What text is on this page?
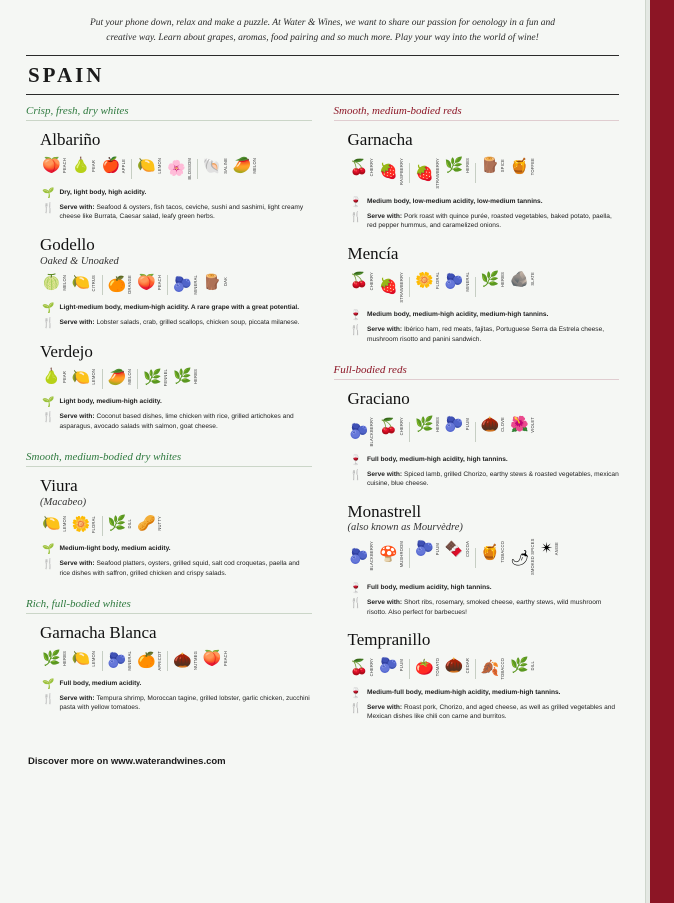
Put your phone down, relax and make a puzzle. At Water & Wines, we want to share our passion for oenology in a fun and creative way. Learn about grapes, aromas, food pairing and so much more. Play your way into the world of wine!
SPAIN
Crisp, fresh, dry whites
Albariño
🍑 PEACH 🍐 PEAR 🍎 APPLE 🍋 LEMON 🌸 BLOSSOM 🐚 SALINE 🥭 MELON
🌱 Dry, light body, high acidity.
🍴 Serve with: Seafood & oysters, fish tacos, ceviche, sushi and sashimi, light creamy cheese like Burrata, Caesar salad, leafy green herbs.
Godello
Oaked & Unoaked
🍈 MELON 🍋 CITRUS 🍊 ORANGE 🍑 PEACH 🫐 MINERAL 🪵 OAK
🌱 Light-medium body, medium-high acidity. A rare grape with a great potential.
🍴 Serve with: Lobster salads, crab, grilled scallops, chicken soup, piccata milanese.
Verdejo
🍐 PEAR 🍋 LEMON 🥭 MELON 🌿 FENNEL 🌿 HERBS
🌱 Light body, medium-high acidity.
🍴 Serve with: Coconut based dishes, lime chicken with rice, grilled artichokes and asparagus, avocado salads with salmon, goat cheese.
Smooth, medium-bodied dry whites
Viura
(Macabeo)
🍋 LEMON 🌼 FLORAL 🌿 DILL 🥜 NUTTY
🌱 Medium-light body, medium acidity.
🍴 Serve with: Seafood platters, oysters, grilled squid, salt cod croquetas, paella and rice dishes with saffron, grilled chicken and crispy salads.
Rich, full-bodied whites
Garnacha Blanca
🌿 HERBS 🍋 LEMON 🫐 MINERAL 🍊 APRICOT 🌰 NUTMEG 🍑 PEACH
🌱 Full body, medium acidity.
🍴 Serve with: Tempura shrimp, Moroccan tagine, grilled lobster, garlic chicken, zucchini pasta with yellow tomatoes.
Smooth, medium-bodied reds
Garnacha
🍒 CHERRY 🍓 RASPBERRY 🍓 STRAWBERRY 🌿 HERBS 🪵 SPICE 🍯 TOFFEE
🍷 Medium body, low-medium acidity, low-medium tannins.
🍴 Serve with: Pork roast with quince purée, roasted vegetables, baked potato, paella, red pepper hummus, and caramelized onions.
Mencía
🍒 CHERRY 🍓 STRAWBERRY 🌼 FLORAL 🫐 MINERAL 🌿 HERBS 🪨 SLATE
🍷 Medium body, medium-high acidity, medium-high tannins.
🍴 Serve with: Ibérico ham, red meats, fajitas, Portuguese Serra da Estrela cheese, mushroom risotto and panini sandwich.
Full-bodied reds
Graciano
🫐 BLACKBERRY 🍒 CHERRY 🌿 HERBS 🫐 PLUM 🌰 CLOVE 🌺 VIOLET
🍷 Full body, medium-high acidity, high tannins.
🍴 Serve with: Spiced lamb, grilled Chorizo, earthy stews & roasted vegetables, mexican cuisine, blue cheese.
Monastrell
(also known as Mourvèdre)
🫐 BLACKBERRY 🍄 MUSHROOM 🫐 PLUM 🍫 COCOA 🍯 TOBACCO 🌶 SMOKED SPICES ✴ ANISE
🍷 Full body, medium acidity, high tannins.
🍴 Serve with: Short ribs, rosemary, smoked cheese, earthy stews, wild mushroom risotto. Also perfect for barbecues!
Tempranillo
🍒 CHERRY 🫐 PLUM 🍅 TOMATO 🌰 CEDAR 🍂 TOBACCO 🌿 DILL
🍷 Medium-full body, medium-high acidity, medium-high tannins.
🍴 Serve with: Roast pork, Chorizo, and aged cheese, as well as grilled vegetables and Mexican dishes like chili con carne and burritos.
Discover more on www.waterandwines.com
